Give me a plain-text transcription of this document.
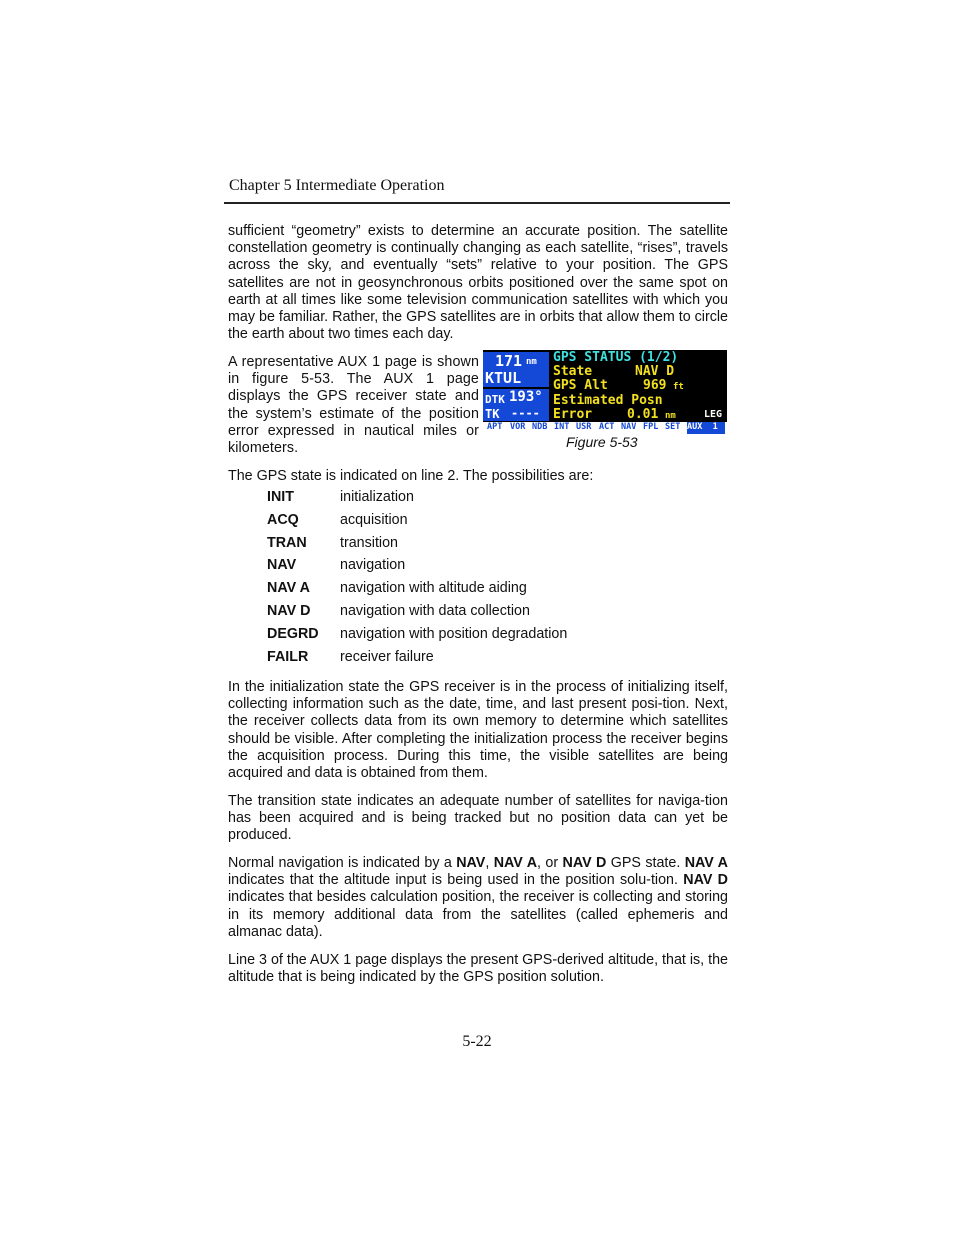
Chapter 5 Intermediate Operation

sufficient “geometry” exists to determine an accurate position. The satellite constellation geometry is continually changing as each satellite, “rises”, travels across the sky, and eventually “sets” relative to your position. The GPS satellites are not in geosynchronous orbits positioned over the same spot on earth at all times like some television communication satellites with which you may be familiar. Rather, the GPS satellites are in orbits that allow them to circle the earth about two times each day.

A representative AUX 1 page is shown in figure 5-53. The AUX 1 page displays the GPS receiver state and the system’s estimate of the position error expressed in nautical miles or kilometers.

171 nm
KTUL
DTK 193°
TK ----
GPS STATUS (1/2)
State	NAV D
GPS Alt	969 ft
Estimated Posn
Error	0.01 nm	LEG
APT VOR NDB INT USR ACT NAV FPL SET AUX  1
Figure 5-53

The GPS state is indicated on line 2. The possibilities are:

INIT	initialization
ACQ	acquisition
TRAN	transition
NAV	navigation
NAV A	navigation with altitude aiding
NAV D	navigation with data collection
DEGRD	navigation with position degradation
FAILR	receiver failure

In the initialization state the GPS receiver is in the process of initializing itself, collecting information such as the date, time, and last present posi-tion. Next, the receiver collects data from its own memory to determine which satellites should be visible. After completing the initialization process the receiver begins the acquisition process. During this time, the visible satellites are being acquired and data is obtained from them.

The transition state indicates an adequate number of satellites for naviga-tion has been acquired and is being tracked but no position data can yet be produced.

Normal navigation is indicated by a NAV, NAV A, or NAV D GPS state. NAV A indicates that the altitude input is being used in the position solu-tion. NAV D indicates that besides calculation position, the receiver is collecting and storing in its memory additional data from the satellites (called ephemeris and almanac data).

Line 3 of the AUX 1 page displays the present GPS-derived altitude, that is, the altitude that is being indicated by the GPS position solution.

5-22
